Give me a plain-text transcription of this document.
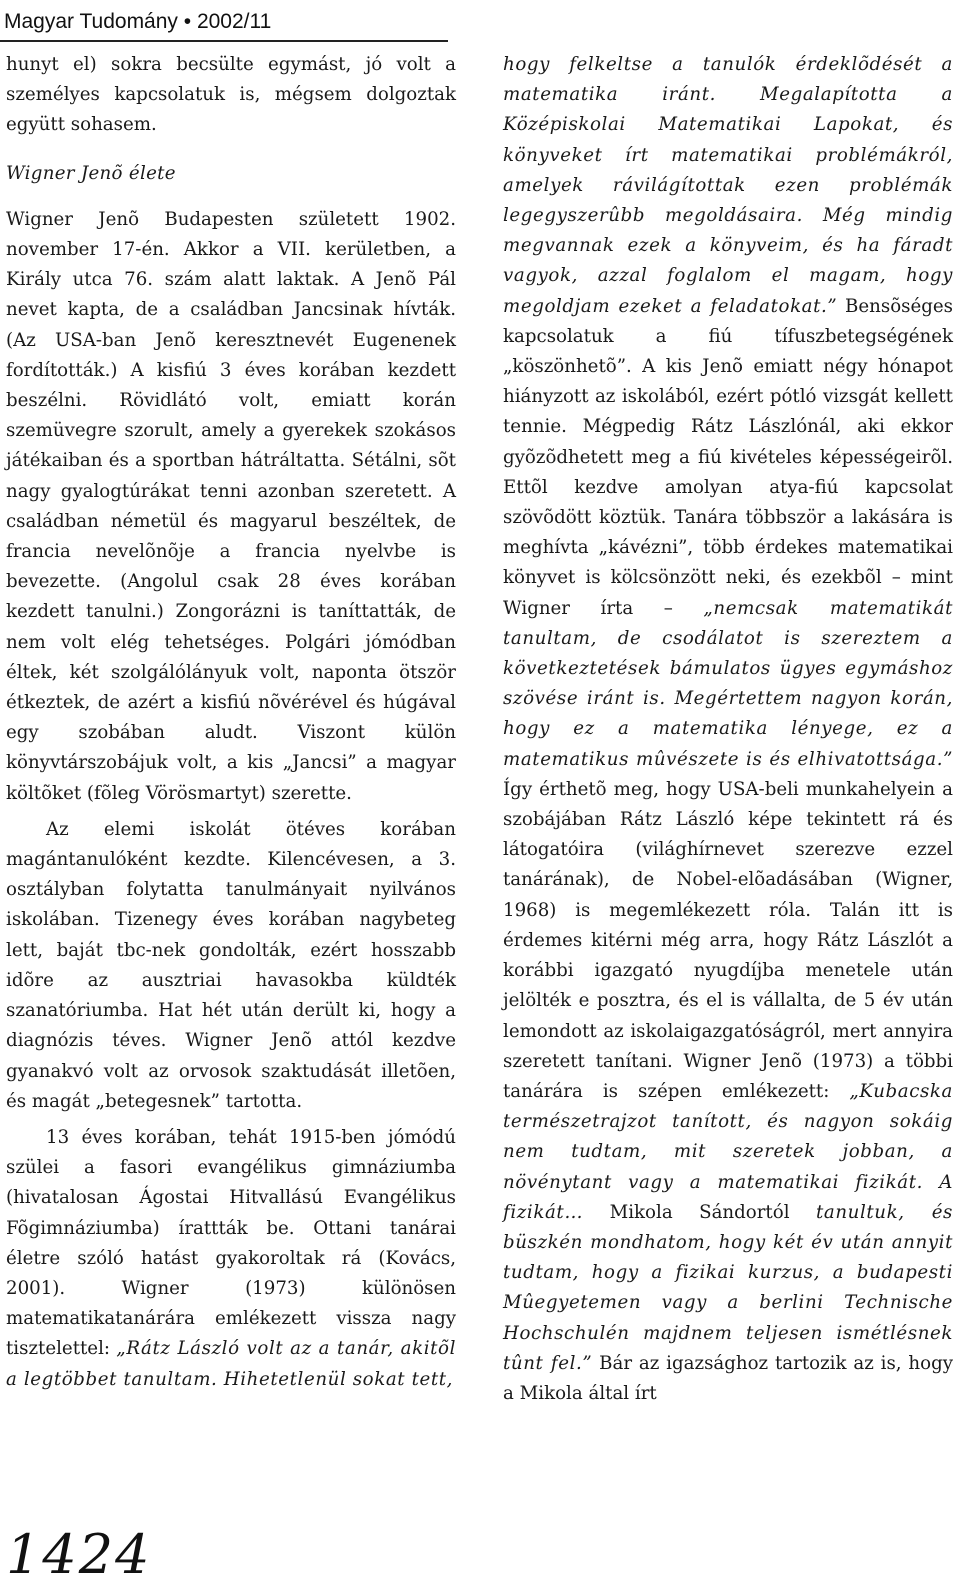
Magyar Tudomány • 2002/11

hunyt el) sokra becsülte egymást, jó volt a személyes kapcsolatuk is, mégsem dolgoztak együtt sohasem.

Wigner Jenõ élete

Wigner Jenõ Budapesten született 1902. november 17-én. Akkor a VII. kerületben, a Király utca 76. szám alatt laktak. A Jenõ Pál nevet kapta, de a családban Jancsinak hívták. (Az USA-ban Jenõ keresztnevét Eugenenek fordították.) A kisfiú 3 éves korában kezdett beszélni. Rövidlátó volt, emiatt korán szemüvegre szorult, amely a gyerekek szokásos játékaiban és a sportban hátráltatta. Sétálni, sõt nagy gyalogtúrákat tenni azonban szeretett. A családban németül és magyarul beszéltek, de francia nevelõnõje a francia nyelvbe is bevezette. (Angolul csak 28 éves korában kezdett tanulni.) Zongorázni is taníttatták, de nem volt elég tehetséges. Polgári jómódban éltek, két szolgálólányuk volt, naponta ötször étkeztek, de azért a kisfiú nõvérével és húgával egy szobában aludt. Viszont külön könyvtárszobájuk volt, a kis „Jancsi” a magyar költõket (fõleg Vörösmartyt) szerette.

Az elemi iskolát ötéves korában magántanulóként kezdte. Kilencévesen, a 3. osztályban folytatta tanulmányait nyilvános iskolában. Tizenegy éves korában nagybeteg lett, baját tbc-nek gondolták, ezért hosszabb idõre az ausztriai havasokba küldték szanatóriumba. Hat hét után derült ki, hogy a diagnózis téves. Wigner Jenõ attól kezdve gyanakvó volt az orvosok szaktudását illetõen, és magát „betegesnek” tartotta.

13 éves korában, tehát 1915-ben jómódú szülei a fasori evangélikus gimnáziumba (hivatalosan Ágostai Hitvallású Evangélikus Fõgimnáziumba) írattták be. Ottani tanárai életre szóló hatást gyakoroltak rá (Kovács, 2001). Wigner (1973) különösen matematikatanárára emlékezett vissza nagy tisztelettel: „Rátz László volt az a tanár, akitõl a legtöbbet tanultam. Hihetetlenül sokat tett,

hogy felkeltse a tanulók érdeklõdését a matematika iránt. Megalapította a Középiskolai Matematikai Lapokat, és könyveket írt matematikai problémákról, amelyek rávilágítottak ezen problémák legegyszerûbb megoldásaira. Még mindig megvannak ezek a könyveim, és ha fáradt vagyok, azzal foglalom el magam, hogy megoldjam ezeket a feladatokat.” Bensõséges kapcsolatuk a fiú tífuszbetegségének „köszönhetõ”. A kis Jenõ emiatt négy hónapot hiányzott az iskolából, ezért pótló vizsgát kellett tennie. Mégpedig Rátz Lászlónál, aki ekkor gyõzõdhetett meg a fiú kivételes képességeirõl. Ettõl kezdve amolyan atya-fiú kapcsolat szövõdött köztük. Tanára többször a lakására is meghívta „kávézni”, több érdekes matematikai könyvet is kölcsönzött neki, és ezekbõl – mint Wigner írta – „nemcsak matematikát tanultam, de csodálatot is szereztem a következtetések bámulatos ügyes egymáshoz szövése iránt is. Megértettem nagyon korán, hogy ez a matematika lényege, ez a matematikus mûvészete is és elhivatottsága.” Így érthetõ meg, hogy USA-beli munkahelyein a szobájában Rátz László képe tekintett rá és látogatóira (világhírnevet szerezve ezzel tanárának), de Nobel-elõadásában (Wigner, 1968) is megemlékezett róla. Talán itt is érdemes kitérni még arra, hogy Rátz Lászlót a korábbi igazgató nyugdíjba menetele után jelölték e posztra, és el is vállalta, de 5 év után lemondott az iskolaigazgatóságról, mert annyira szeretett tanítani. Wigner Jenõ (1973) a többi tanárára is szépen emlékezett: „Kubacska természetrajzot tanított, és nagyon sokáig nem tudtam, mit szeretek jobban, a növénytant vagy a matematikai fizikát. A fizikát… Mikola Sándortól tanultuk, és büszkén mondhatom, hogy két év után annyit tudtam, hogy a fizikai kurzus, a budapesti Mûegyetemen vagy a berlini Technische Hochschulén majdnem teljesen ismétlésnek tûnt fel.” Bár az igazsághoz tartozik az is, hogy a Mikola által írt

1424
